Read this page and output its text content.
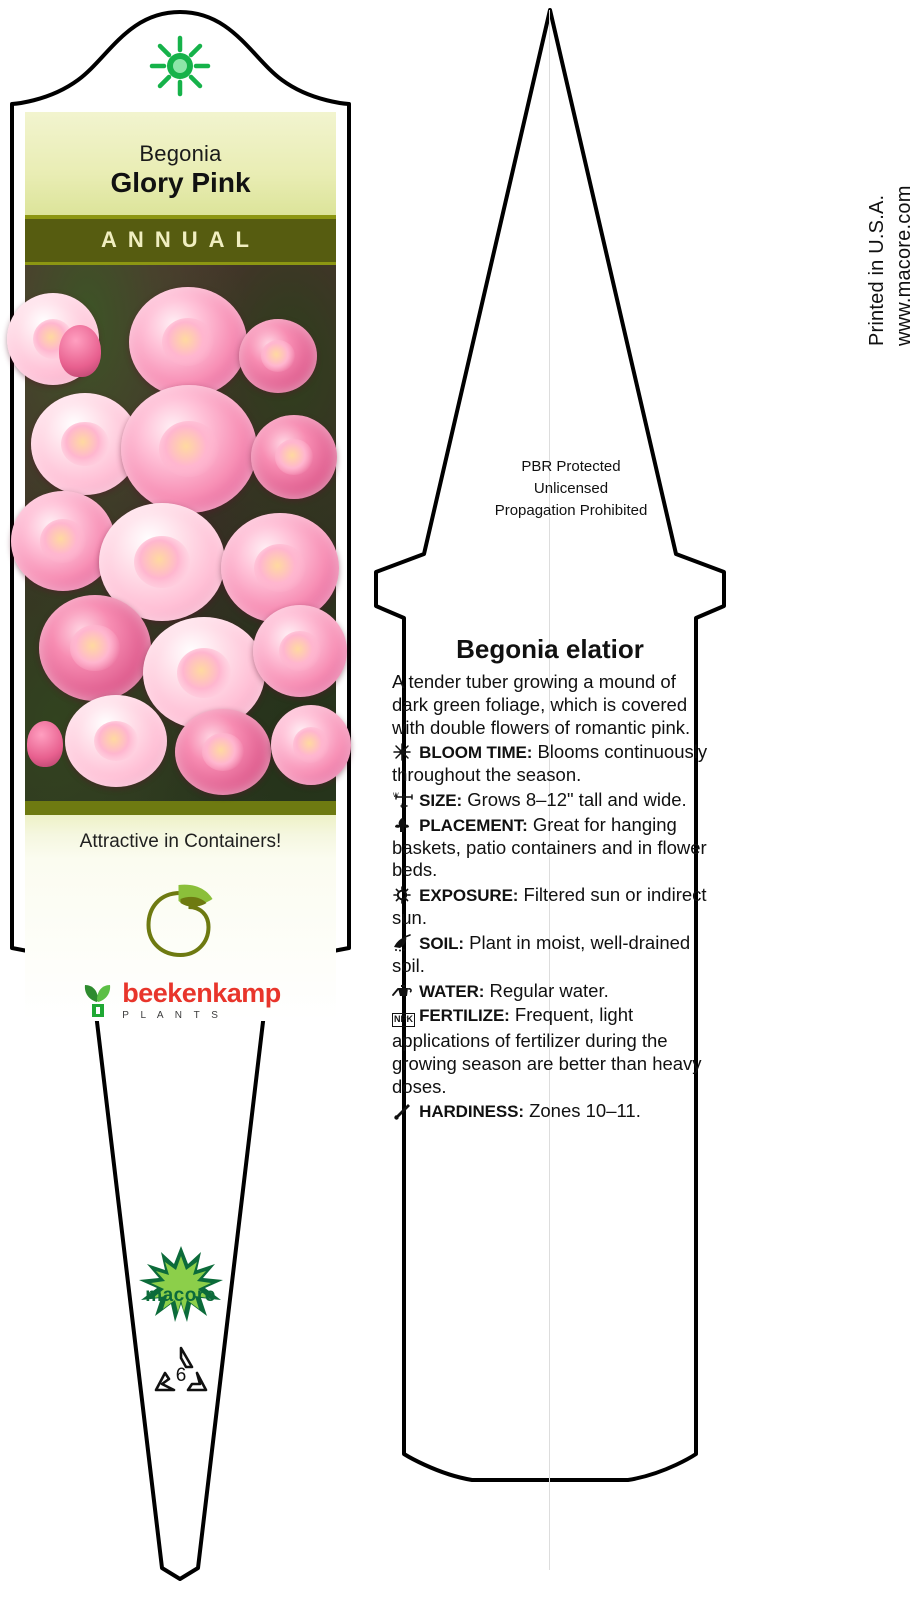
Begonia
Glory Pink
ANNUAL
Attractive in Containers!
beekenkamp
P L A N T S
macore
6
Printed in U.S.A. www.macore.com
PBR Protected
Unlicensed
Propagation Prohibited
Begonia elatior
A tender tuber growing a mound of dark green foliage, which is covered with double flowers of romantic pink.
BLOOM TIME: Blooms continuously throughout the season.
W
H SIZE: Grows 8–12" tall and wide.
PLACEMENT: Great for hanging baskets, patio containers and in flower beds.
EXPOSURE: Filtered sun or indirect sun.
SOIL: Plant in moist, well-drained soil.
WATER: Regular water.
NPK FERTILIZE: Frequent, light applications of fertilizer during the growing season are better than heavy doses.
HARDINESS: Zones 10–11.
